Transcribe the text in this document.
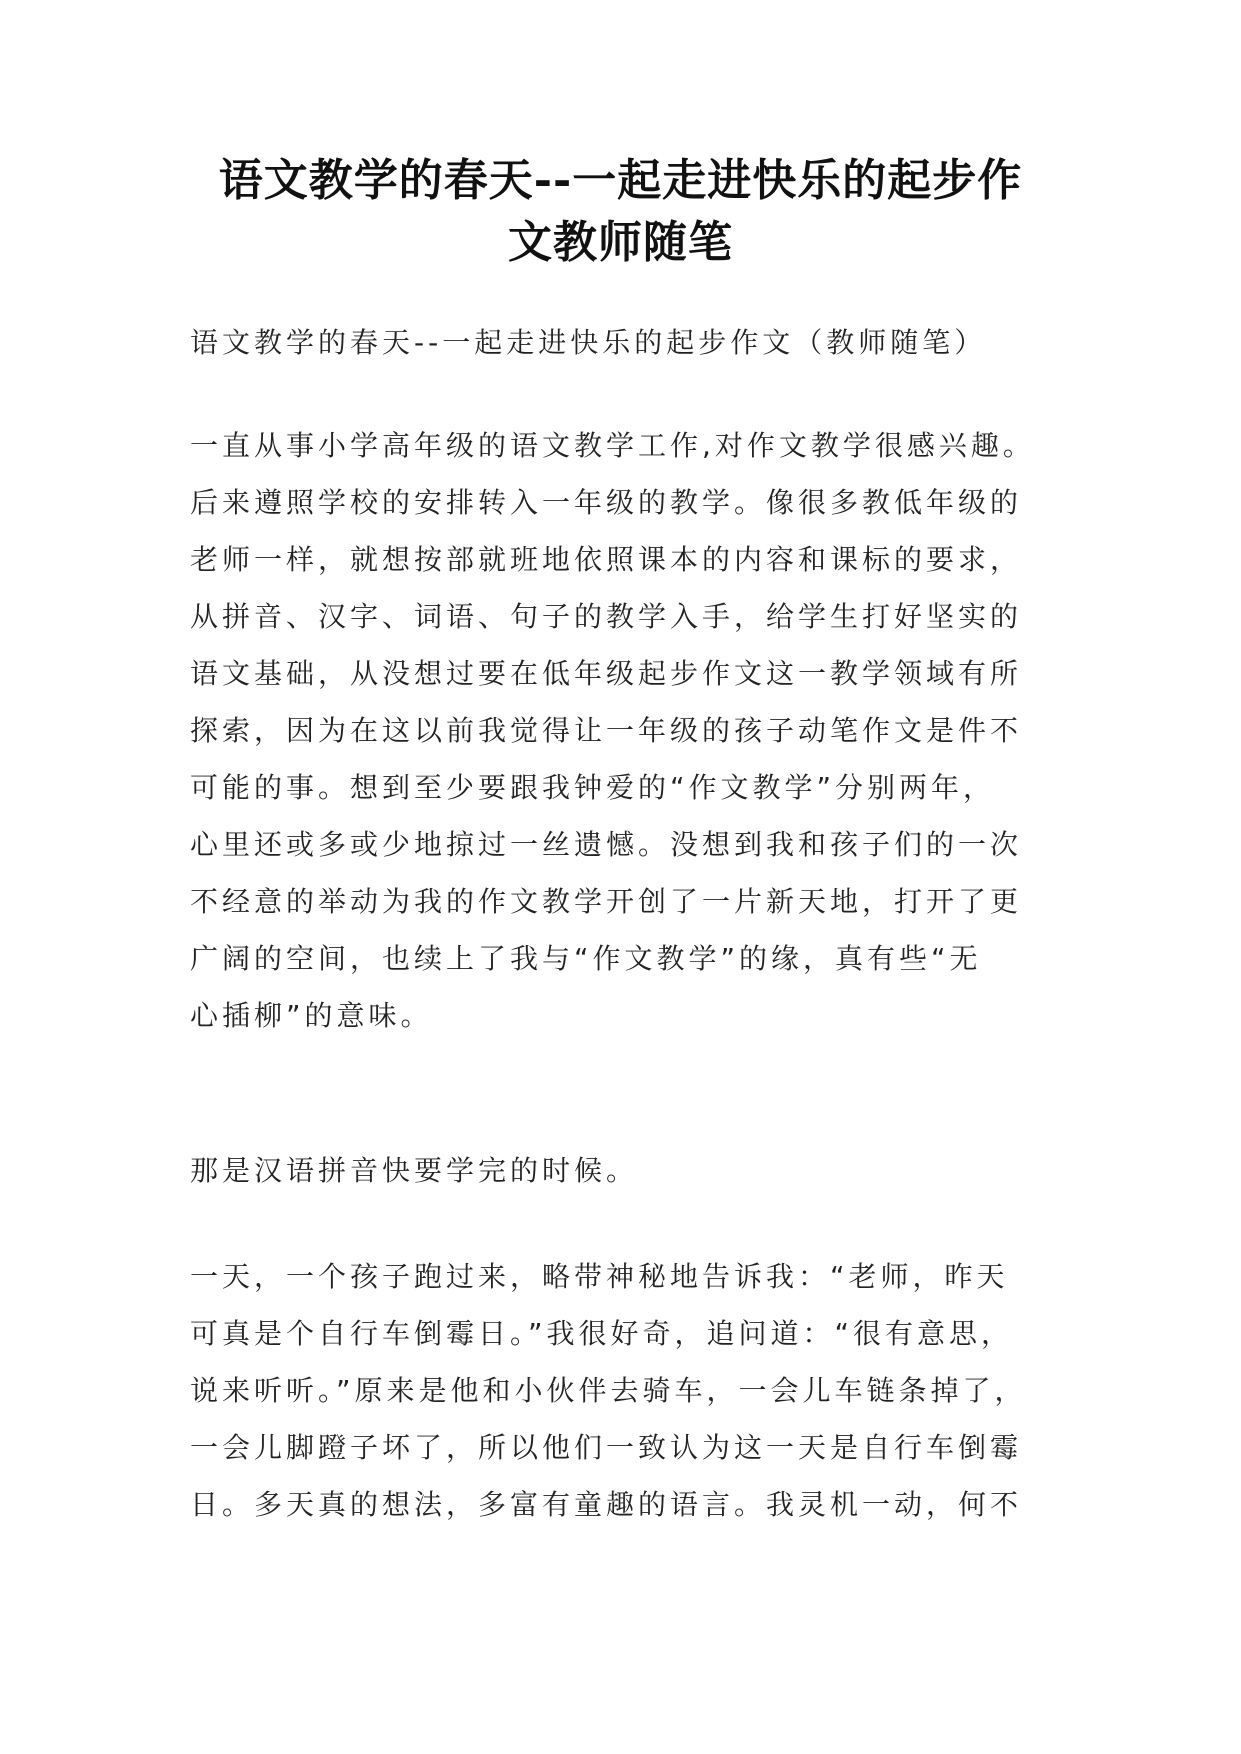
语文教学的春天--一起走进快乐的起步作
文教师随笔

语文教学的春天--一起走进快乐的起步作文（教师随笔）

一直从事小学高年级的语文教学工作,对作文教学很感兴趣。
后来遵照学校的安排转入一年级的教学。像很多教低年级的
老师一样，就想按部就班地依照课本的内容和课标的要求，
从拼音、汉字、词语、句子的教学入手，给学生打好坚实的
语文基础，从没想过要在低年级起步作文这一教学领域有所
探索，因为在这以前我觉得让一年级的孩子动笔作文是件不
可能的事。想到至少要跟我钟爱的“作文教学”分别两年，
心里还或多或少地掠过一丝遗憾。没想到我和孩子们的一次
不经意的举动为我的作文教学开创了一片新天地，打开了更
广阔的空间，也续上了我与“作文教学”的缘，真有些“无
心插柳”的意味。

那是汉语拼音快要学完的时候。

一天，一个孩子跑过来，略带神秘地告诉我：“老师，昨天
可真是个自行车倒霉日。”我很好奇，追问道：“很有意思，
说来听听。”原来是他和小伙伴去骑车，一会儿车链条掉了，
一会儿脚蹬子坏了，所以他们一致认为这一天是自行车倒霉
日。多天真的想法，多富有童趣的语言。我灵机一动，何不
